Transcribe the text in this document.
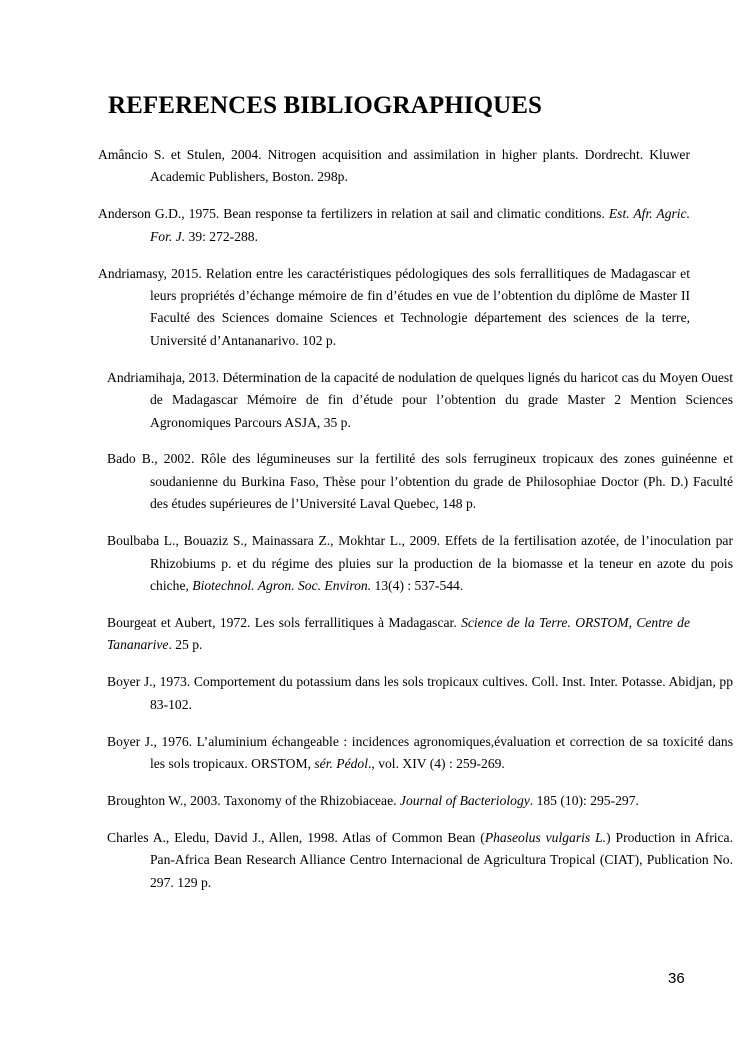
REFERENCES BIBLIOGRAPHIQUES

Amâncio S. et Stulen, 2004. Nitrogen acquisition and assimilation in higher plants. Dordrecht. Kluwer Academic Publishers, Boston. 298p.

Anderson G.D., 1975. Bean response ta fertilizers in relation at sail and climatic conditions. Est. Afr. Agric. For. J. 39: 272-288.

Andriamasy, 2015. Relation entre les caractéristiques pédologiques des sols ferrallitiques de Madagascar et leurs propriétés d’échange mémoire de fin d’études en vue de l’obtention du diplôme de Master II Faculté des Sciences domaine Sciences et Technologie département des sciences de la terre, Université d’Antananarivo. 102 p.

Andriamihaja, 2013. Détermination de la capacité de nodulation de quelques lignés du haricot cas du Moyen Ouest de Madagascar Mémoire de fin d’étude pour l’obtention du grade Master 2 Mention Sciences Agronomiques Parcours ASJA, 35 p.

Bado B., 2002. Rôle des légumineuses sur la fertilité des sols ferrugineux tropicaux des zones guinéenne et soudanienne du Burkina Faso, Thèse pour l’obtention du grade de Philosophiae Doctor (Ph. D.) Faculté des études supérieures de l’Université Laval Quebec, 148 p.

Boulbaba L., Bouaziz S., Mainassara Z., Mokhtar L., 2009. Effets de la fertilisation azotée, de l’inoculation par Rhizobiums p. et du régime des pluies sur la production de la biomasse et la teneur en azote du pois chiche, Biotechnol. Agron. Soc. Environ. 13(4) : 537-544.

Bourgeat et Aubert, 1972. Les sols ferrallitiques à Madagascar. Science de la Terre. ORSTOM, Centre de Tananarive. 25 p.

Boyer J., 1973. Comportement du potassium dans les sols tropicaux cultives. Coll. Inst. Inter. Potasse. Abidjan, pp 83-102.

Boyer J., 1976. L’aluminium échangeable : incidences agronomiques,évaluation et correction de sa toxicité dans les sols tropicaux. ORSTOM, sér. Pédol., vol. XIV (4) : 259-269.

Broughton W., 2003. Taxonomy of the Rhizobiaceae. Journal of Bacteriology. 185 (10): 295-297.

Charles A., Eledu, David J., Allen, 1998. Atlas of Common Bean (Phaseolus vulgaris L.) Production in Africa. Pan-Africa Bean Research Alliance Centro Internacional de Agricultura Tropical (CIAT), Publication No. 297. 129 p.

36
